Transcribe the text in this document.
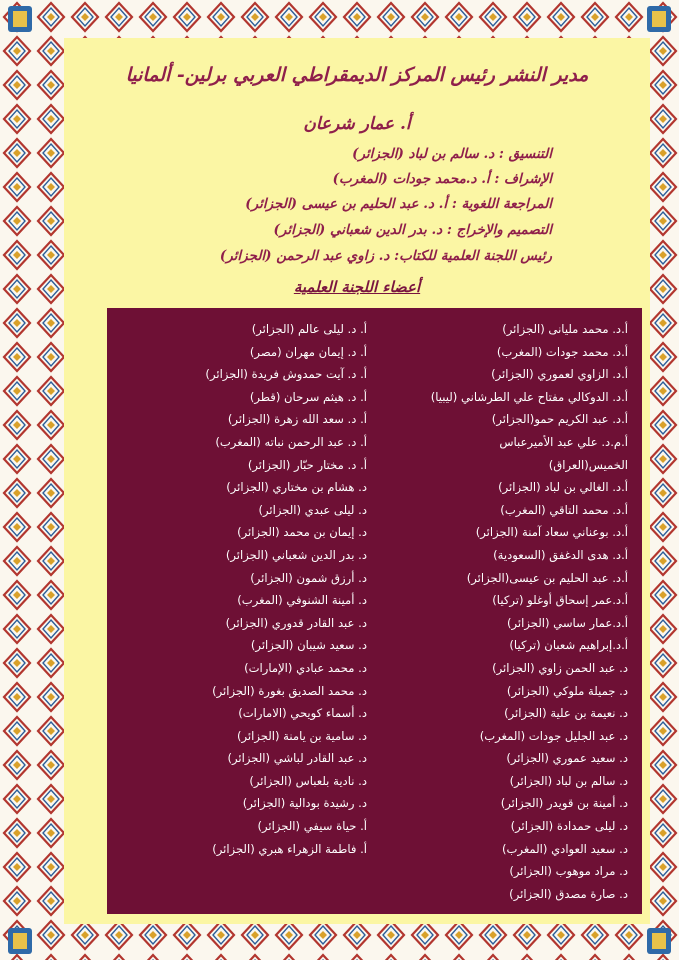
مدير النشر رئيس المركز الديمقراطي العربي برلين- ألمانيا
أ. عمار شرعان
التنسيق : د. سالم بن لباد (الجزائر)
الإشراف : أ. د.محمد جودات (المغرب)
المراجعة اللغوية : أ. د. عبد الحليم بن عيسى (الجزائر)
التصميم والإخراج : د. بدر الدين شعباني (الجزائر)
رئيس اللجنة العلمية للكتاب: د. زاوي عبد الرحمن (الجزائر)
أعضاء اللجنة العلمية
أ.د. محمد مليانى (الجزائر)
أ.د. محمد جودات (المغرب)
أ.د. الزاوي لعموري (الجزائر)
أ.د. الدوكالي مفتاح علي الطرشاني (ليبيا)
أ.د. عبد الكريم حمو(الجزائر)
أ.م.د. علي عبد الأميرعباس
الخميس(العراق)
أ.د. الغالي بن لباد (الجزائر)
أ.د. محمد التاقي (المغرب)
أ.د. بوعناني سعاد آمنة (الجزائر)
أ.د. هدى الدغفق (السعودية)
أ.د. عبد الحليم بن عيسى(الجزائر)
أ.د.عمر إسحاق أوغلو (تركيا)
أ.د.عمار ساسي (الجزائر)
أ.د.إبراهيم شعبان (تركيا)
د. عبد الحمن زاوي (الجزائر)
د. جميلة ملوكي (الجزائر)
د. نعيمة بن علية (الجزائر)
د. عبد الجليل جودات (المغرب)
د. سعيد عموري (الجزائر)
د. سالم بن لباد (الجزائر)
د. أمينة بن قويدر (الجزائر)
د. ليلى حمدادة (الجزائر)
د. سعيد العوادي (المغرب)
د. مراد موهوب (الجزائر)
د. صارة مصدق (الجزائر)
أ. د. ليلى عالم (الجزائر)
أ. د. إيمان مهران (مصر)
أ. د. آيت حمدوش فريدة (الجزائر)
أ. د. هيثم سرحان (قطر)
أ. د. سعد الله زهرة (الجزائر)
أ. د. عبد الرحمن نباته (المغرب)
أ. د. مختار حبّار (الجزائر)
د. هشام بن مختاري (الجزائر)
د. ليلى عبدي (الجزائر)
د. إيمان بن محمد (الجزائر)
د. بدر الدين شعباني (الجزائر)
د. أرزق شمون (الجزائر)
د. أمينة الشنوفي (المغرب)
د. عبد القادر قدوري (الجزائر)
د. سعيد شيبان (الجزائر)
د. محمد عبادي (الإمارات)
د. محمد الصديق بغورة (الجزائر)
د. أسماء كويحي (الامارات)
د. سامية بن يامنة (الجزائر)
د. عبد القادر لباشي (الجزائر)
د. نادية بلعباس (الجزائر)
د. رشيدة بودالية (الجزائر)
أ. حياة سيفي (الجزائر)
أ. فاطمة الزهراء هبري (الجزائر)
